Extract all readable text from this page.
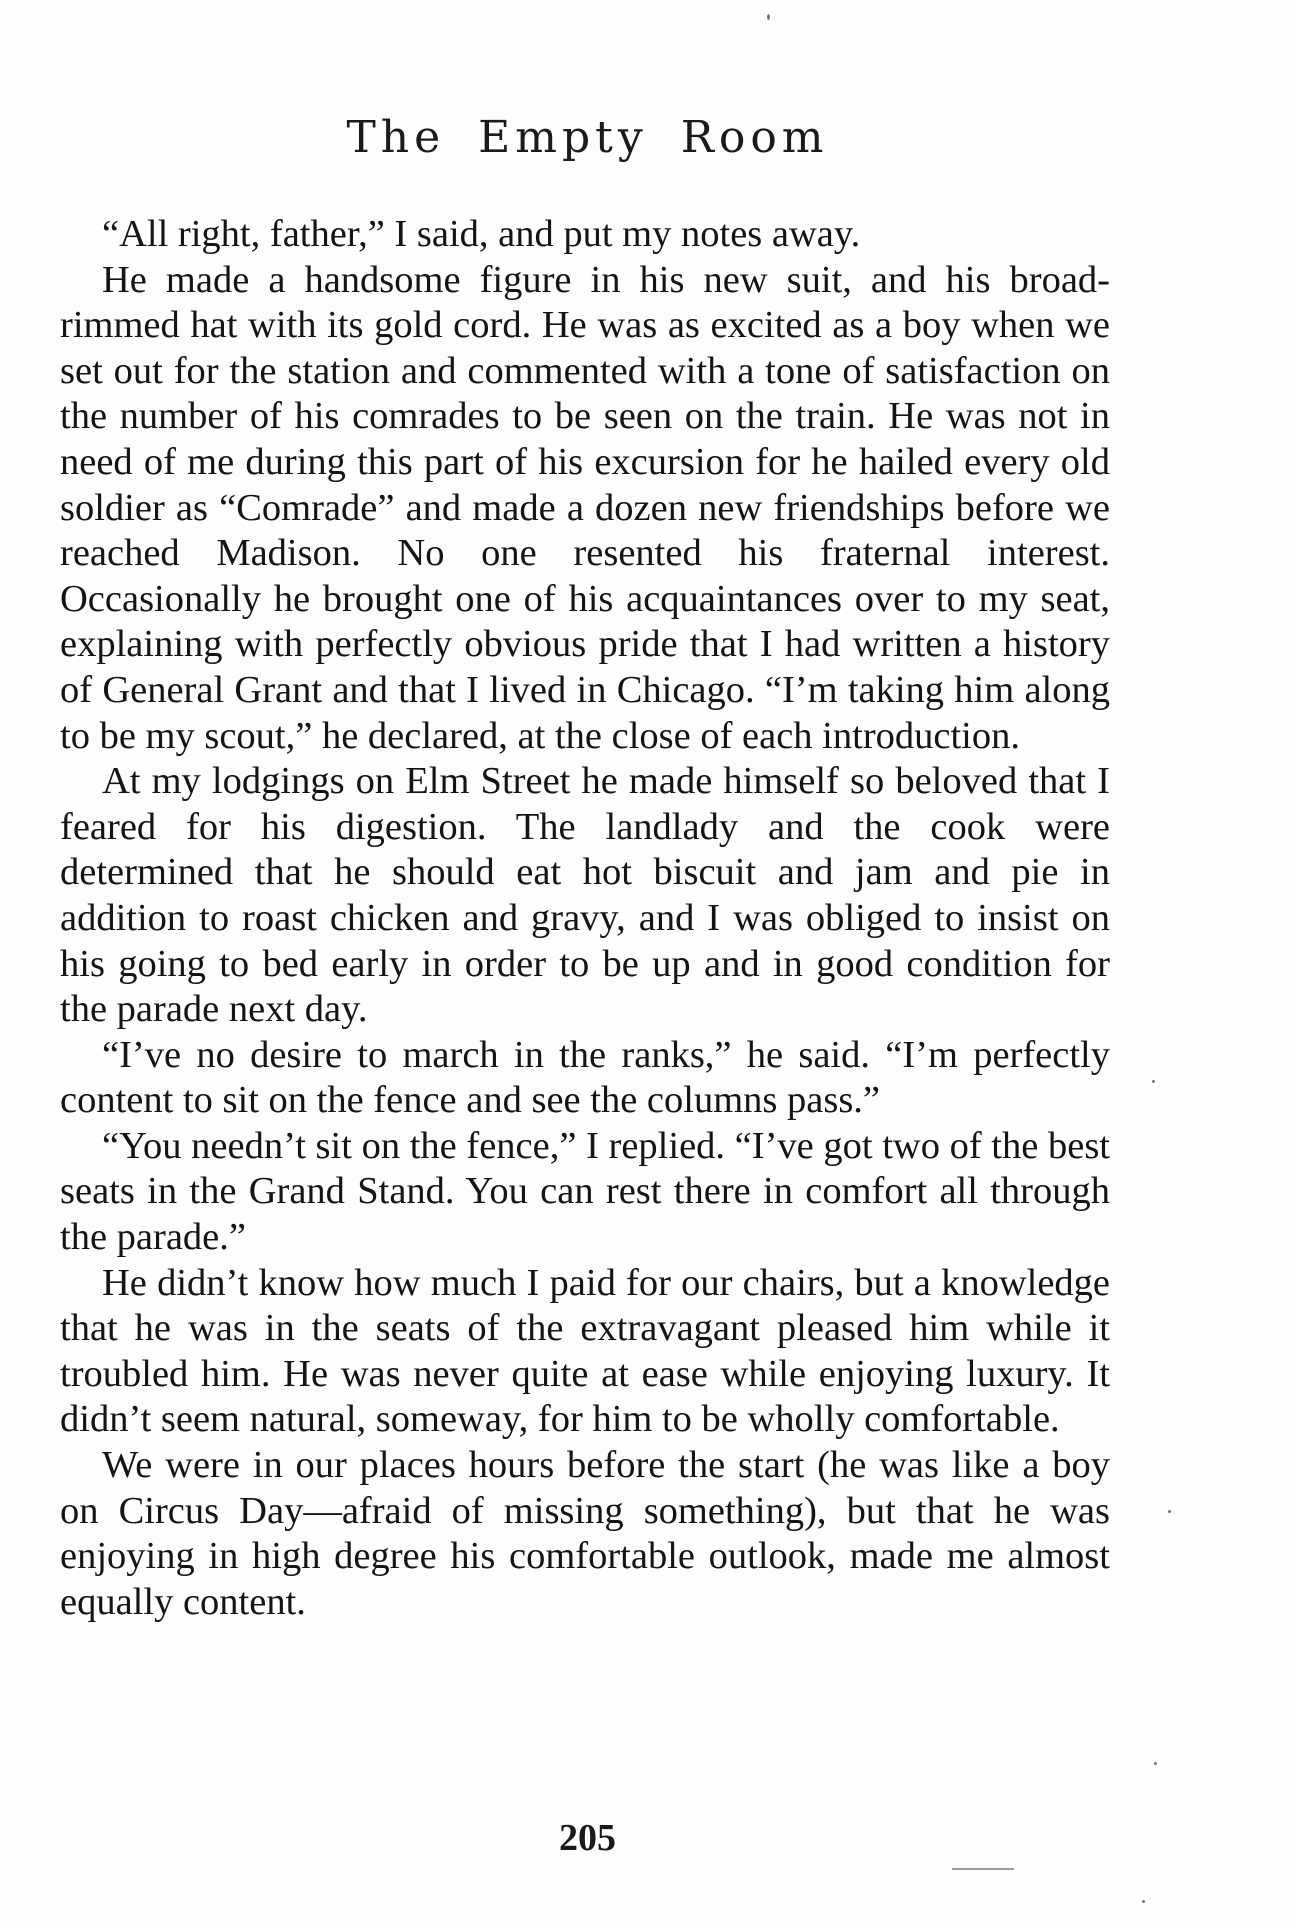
The Empty Room

“All right, father,” I said, and put my notes away.

He made a handsome figure in his new suit, and his broad-rimmed hat with its gold cord. He was as excited as a boy when we set out for the station and commented with a tone of satisfaction on the number of his comrades to be seen on the train. He was not in need of me during this part of his excursion for he hailed every old soldier as “Comrade” and made a dozen new friendships before we reached Madison. No one resented his fraternal interest. Occasionally he brought one of his acquaintances over to my seat, explaining with perfectly obvious pride that I had written a history of General Grant and that I lived in Chicago. “I’m taking him along to be my scout,” he declared, at the close of each introduction.

At my lodgings on Elm Street he made himself so beloved that I feared for his digestion. The landlady and the cook were determined that he should eat hot biscuit and jam and pie in addition to roast chicken and gravy, and I was obliged to insist on his going to bed early in order to be up and in good condition for the parade next day.

“I’ve no desire to march in the ranks,” he said. “I’m perfectly content to sit on the fence and see the columns pass.”

“You needn’t sit on the fence,” I replied. “I’ve got two of the best seats in the Grand Stand. You can rest there in comfort all through the parade.”

He didn’t know how much I paid for our chairs, but a knowledge that he was in the seats of the extravagant pleased him while it troubled him. He was never quite at ease while enjoying luxury. It didn’t seem natural, someway, for him to be wholly comfortable.

We were in our places hours before the start (he was like a boy on Circus Day—afraid of missing something), but that he was enjoying in high degree his comfortable outlook, made me almost equally content.

205
